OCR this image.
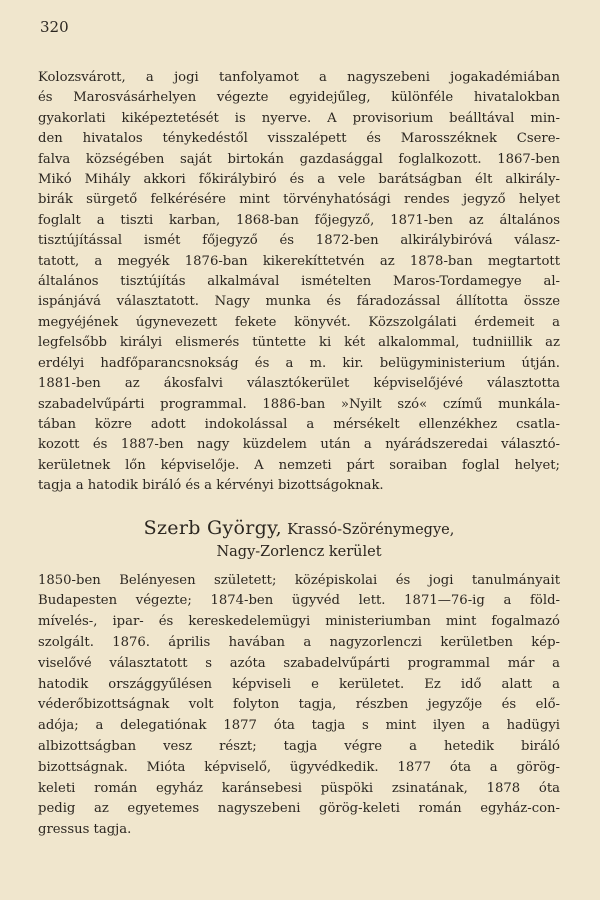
320
Kolozsvárott, a jogi tanfolyamot a nagyszebeni jogakadémiában
és Marosvásárhelyen végezte egyidejűleg, különféle hivatalokban
gyakorlati kiképeztetését is nyerve. A provisorium beálltával min-
den hivatalos ténykedéstől visszalépett és Marosszéknek Csere-
falva községében saját birtokán gazdasággal foglalkozott. 1867-ben
Mikó Mihály akkori főkirálybiró és a vele barátságban élt alkirály-
birák sürgető felkérésére mint törvényhatósági rendes jegyző helyet
foglalt a tiszti karban, 1868-ban főjegyző, 1871-ben az általános
tisztújítással ismét főjegyző és 1872-ben alkirálybiróvá válasz-
tatott, a megyék 1876-ban kikerekíttetvén az 1878-ban megtartott
általános tisztújítás alkalmával ismételten Maros-Tordamegye al-
ispánjává választatott. Nagy munka és fáradozással állította össze
megyéjének úgynevezett fekete könyvét. Közszolgálati érdemeit a
legfelsőbb királyi elismerés tüntette ki két alkalommal, tudniillik az
erdélyi hadfőparancsnokság és a m. kir. belügyministerium útján.
1881-ben az ákosfalvi választókerület képviselőjévé választotta
szabadelvűpárti programmal. 1886-ban »Nyilt szó« czímű munkála-
tában közre adott indokolással a mérsékelt ellenzékhez csatla-
kozott és 1887-ben nagy küzdelem után a nyárádszeredai választó-
kerületnek lőn képviselője. A nemzeti párt soraiban foglal helyet;
tagja a hatodik biráló és a kérvényi bizottságoknak.
Szerb György, Krassó-Szörénymegye,
Nagy-Zorlencz kerület
1850-ben Belényesen született; középiskolai és jogi tanulmányait
Budapesten végezte; 1874-ben ügyvéd lett. 1871—76-ig a föld-
mívelés-, ipar- és kereskedelemügyi ministeriumban mint fogalmazó
szolgált. 1876. április havában a nagyzorlenczi kerületben kép-
viselővé választatott s azóta szabadelvűpárti programmal már a
hatodik országgyűlésen képviseli e kerületet. Ez idő alatt a
véderőbizottságnak volt folyton tagja, részben jegyzője és elő-
adója; a delegatiónak 1877 óta tagja s mint ilyen a hadügyi
albizottságban vesz részt; tagja végre a hetedik biráló
bizottságnak. Mióta képviselő, ügyvédkedik. 1877 óta a görög-
keleti román egyház karánsebesi püspöki zsinatának, 1878 óta
pedig az egyetemes nagyszebeni görög-keleti román egyház-con-
gressus tagja.
